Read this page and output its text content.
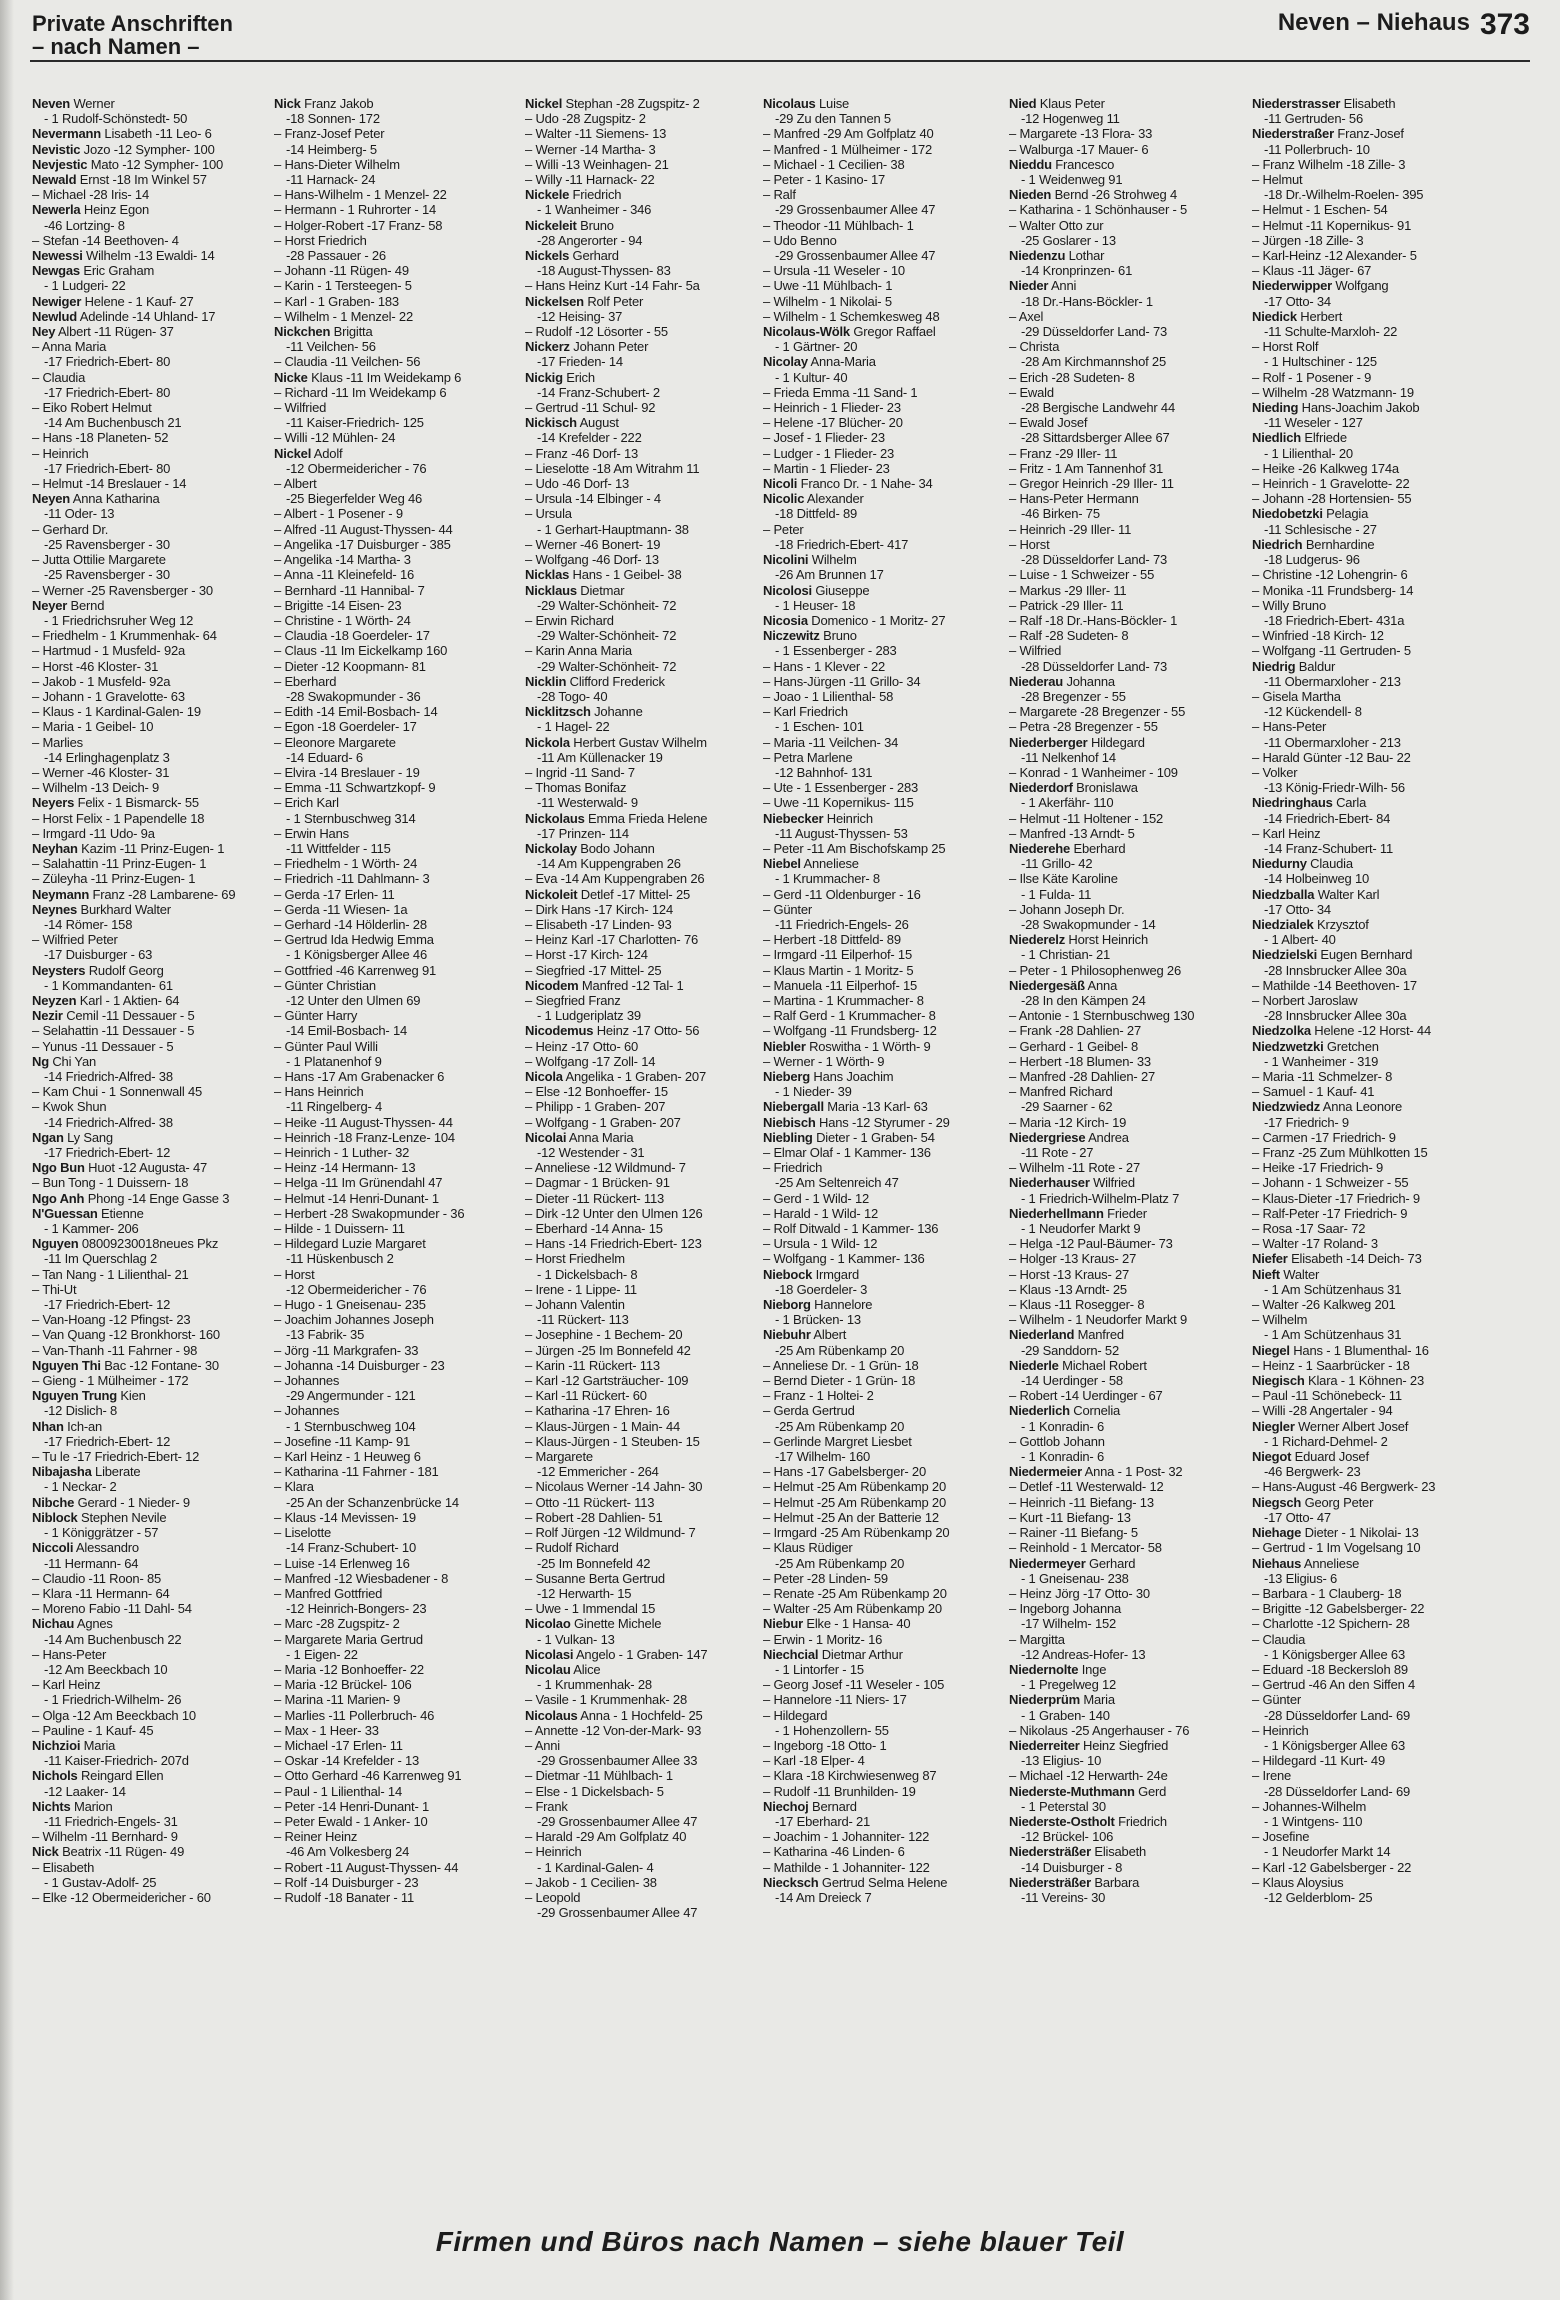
Private Anschriften
– nach Namen –
Neven – Niehaus 373
Neven Werner
- 1 Rudolf-Schönstedt- 50
Nevermann Lisabeth -11 Leo- 6
Nevistic Jozo -12 Sympher- 100
Nevjestic Mato -12 Sympher- 100
Newald Ernst -18 Im Winkel 57
– Michael -28 Iris- 14
Newerla Heinz Egon
-46 Lortzing- 8
– Stefan -14 Beethoven- 4
Newessi Wilhelm -13 Ewaldi- 14
Newgas Eric Graham
- 1 Ludgeri- 22
Newiger Helene - 1 Kauf- 27
Newlud Adelinde -14 Uhland- 17
Ney Albert -11 Rügen- 37
– Anna Maria
-17 Friedrich-Ebert- 80
– Claudia
-17 Friedrich-Ebert- 80
– Eiko Robert Helmut
-14 Am Buchenbusch 21
– Hans -18 Planeten- 52
– Heinrich
-17 Friedrich-Ebert- 80
– Helmut -14 Breslauer - 14
Neyen Anna Katharina
-11 Oder- 13
– Gerhard Dr.
-25 Ravensberger - 30
– Jutta Ottilie Margarete
-25 Ravensberger - 30
– Werner -25 Ravensberger - 30
Neyer Bernd
- 1 Friedrichsruher Weg 12
– Friedhelm - 1 Krummenhak- 64
– Hartmud - 1 Musfeld- 92a
– Horst -46 Kloster- 31
– Jakob - 1 Musfeld- 92a
– Johann - 1 Gravelotte- 63
– Klaus - 1 Kardinal-Galen- 19
– Maria - 1 Geibel- 10
– Marlies
-14 Erlinghagenplatz 3
– Werner -46 Kloster- 31
– Wilhelm -13 Deich- 9
Neyers Felix - 1 Bismarck- 55
– Horst Felix - 1 Papendelle 18
– Irmgard -11 Udo- 9a
Neyhan Kazim -11 Prinz-Eugen- 1
– Salahattin -11 Prinz-Eugen- 1
– Züleyha -11 Prinz-Eugen- 1
Neymann Franz -28 Lambarene- 69
Neynes Burkhard Walter
-14 Römer- 158
– Wilfried Peter
-17 Duisburger - 63
Neysters Rudolf Georg
- 1 Kommandanten- 61
Neyzen Karl - 1 Aktien- 64
Nezir Cemil -11 Dessauer - 5
– Selahattin -11 Dessauer - 5
– Yunus -11 Dessauer - 5
Ng Chi Yan
-14 Friedrich-Alfred- 38
– Kam Chui - 1 Sonnenwall 45
– Kwok Shun
-14 Friedrich-Alfred- 38
Ngan Ly Sang
-17 Friedrich-Ebert- 12
Ngo Bun Huot -12 Augusta- 47
– Bun Tong - 1 Duissern- 18
Ngo Anh Phong -14 Enge Gasse 3
N'Guessan Etienne
- 1 Kammer- 206
Nguyen 08009230018neues Pkz
-11 Im Querschlag 2
– Tan Nang - 1 Lilienthal- 21
– Thi-Ut
-17 Friedrich-Ebert- 12
– Van-Hoang -12 Pfingst- 23
– Van Quang -12 Bronkhorst- 160
– Van-Thanh -11 Fahrner - 98
Nguyen Thi Bac -12 Fontane- 30
– Gieng - 1 Mülheimer - 172
Nguyen Trung Kien
-12 Dislich- 8
Nhan Ich-an
-17 Friedrich-Ebert- 12
– Tu le -17 Friedrich-Ebert- 12
Nibajasha Liberate
- 1 Neckar- 2
Nibche Gerard - 1 Nieder- 9
Niblock Stephen Nevile
- 1 Königgrätzer - 57
Niccoli Alessandro
-11 Hermann- 64
– Claudio -11 Roon- 85
– Klara -11 Hermann- 64
– Moreno Fabio -11 Dahl- 54
Nichau Agnes
-14 Am Buchenbusch 22
– Hans-Peter
-12 Am Beeckbach 10
– Karl Heinz
- 1 Friedrich-Wilhelm- 26
– Olga -12 Am Beeckbach 10
– Pauline - 1 Kauf- 45
Nichzioi Maria
-11 Kaiser-Friedrich- 207d
Nichols Reingard Ellen
-12 Laaker- 14
Nichts Marion
-11 Friedrich-Engels- 31
– Wilhelm -11 Bernhard- 9
Nick Beatrix -11 Rügen- 49
– Elisabeth
- 1 Gustav-Adolf- 25
– Elke -12 Obermeidericher - 60
Nick Franz Jakob
-18 Sonnen- 172
– Franz-Josef Peter
-14 Heimberg- 5
– Hans-Dieter Wilhelm
-11 Harnack- 24
– Hans-Wilhelm - 1 Menzel- 22
– Hermann - 1 Ruhrorter - 14
– Holger-Robert -17 Franz- 58
– Horst Friedrich
-28 Passauer - 26
– Johann -11 Rügen- 49
– Karin - 1 Tersteegen- 5
– Karl - 1 Graben- 183
– Wilhelm - 1 Menzel- 22
Nickchen Brigitta
-11 Veilchen- 56
– Claudia -11 Veilchen- 56
Nicke Klaus -11 Im Weidekamp 6
– Richard -11 Im Weidekamp 6
– Wilfried
-11 Kaiser-Friedrich- 125
– Willi -12 Mühlen- 24
Nickel Adolf
-12 Obermeidericher - 76
– Albert
-25 Biegerfelder Weg 46
– Albert - 1 Posener - 9
– Alfred -11 August-Thyssen- 44
– Angelika -17 Duisburger - 385
– Angelika -14 Martha- 3
– Anna -11 Kleinefeld- 16
– Bernhard -11 Hannibal- 7
– Brigitte -14 Eisen- 23
– Christine - 1 Wörth- 24
– Claudia -18 Goerdeler- 17
– Claus -11 Im Eickelkamp 160
– Dieter -12 Koopmann- 81
– Eberhard
-28 Swakopmunder - 36
– Edith -14 Emil-Bosbach- 14
– Egon -18 Goerdeler- 17
– Eleonore Margarete
-14 Eduard- 6
– Elvira -14 Breslauer - 19
– Emma -11 Schwartzkopf- 9
– Erich Karl
- 1 Sternbuschweg 314
– Erwin Hans
-11 Wittfelder - 115
– Friedhelm - 1 Wörth- 24
– Friedrich -11 Dahlmann- 3
– Gerda -17 Erlen- 11
– Gerda -11 Wiesen- 1a
– Gerhard -14 Hölderlin- 28
– Gertrud Ida Hedwig Emma
- 1 Königsberger Allee 46
– Gottfried -46 Karrenweg 91
– Günter Christian
-12 Unter den Ulmen 69
– Günter Harry
-14 Emil-Bosbach- 14
– Günter Paul Willi
- 1 Platanenhof 9
– Hans -17 Am Grabenacker 6
– Hans Heinrich
-11 Ringelberg- 4
– Heike -11 August-Thyssen- 44
– Heinrich -18 Franz-Lenze- 104
– Heinrich - 1 Luther- 32
– Heinz -14 Hermann- 13
– Helga -11 Im Grünendahl 47
– Helmut -14 Henri-Dunant- 1
– Herbert -28 Swakopmunder - 36
– Hilde - 1 Duissern- 11
– Hildegard Luzie Margaret
-11 Hüskenbusch 2
– Horst
-12 Obermeidericher - 76
– Hugo - 1 Gneisenau- 235
– Joachim Johannes Joseph
-13 Fabrik- 35
– Jörg -11 Markgrafen- 33
– Johanna -14 Duisburger - 23
– Johannes
-29 Angermunder - 121
– Johannes
- 1 Sternbuschweg 104
– Josefine -11 Kamp- 91
– Karl Heinz - 1 Heuweg 6
– Katharina -11 Fahrner - 181
– Klara
-25 An der Schanzenbrücke 14
– Klaus -14 Mevissen- 19
– Liselotte
-14 Franz-Schubert- 10
– Luise -14 Erlenweg 16
– Manfred -12 Wiesbadener - 8
– Manfred Gottfried
-12 Heinrich-Bongers- 23
– Marc -28 Zugspitz- 2
– Margarete Maria Gertrud
- 1 Eigen- 22
– Maria -12 Bonhoeffer- 22
– Maria -12 Brückel- 106
– Marina -11 Marien- 9
– Marlies -11 Pollerbruch- 46
– Max - 1 Heer- 33
– Michael -17 Erlen- 11
– Oskar -14 Krefelder - 13
– Otto Gerhard -46 Karrenweg 91
– Paul - 1 Lilienthal- 14
– Peter -14 Henri-Dunant- 1
– Peter Ewald - 1 Anker- 10
– Reiner Heinz
-46 Am Volkesberg 24
– Robert -11 August-Thyssen- 44
– Rolf -14 Duisburger - 23
– Rudolf -18 Banater - 11
Nickel Stephan -28 Zugspitz- 2
– Udo -28 Zugspitz- 2
– Walter -11 Siemens- 13
– Werner -14 Martha- 3
– Willi -13 Weinhagen- 21
– Willy -11 Harnack- 22
Nickele Friedrich
- 1 Wanheimer - 346
Nickeleit Bruno
-28 Angerorter - 94
Nickels Gerhard
-18 August-Thyssen- 83
– Hans Heinz Kurt -14 Fahr- 5a
Nickelsen Rolf Peter
-12 Heising- 37
– Rudolf -12 Lösorter - 55
Nickerz Johann Peter
-17 Frieden- 14
Nickig Erich
-14 Franz-Schubert- 2
– Gertrud -11 Schul- 92
Nickisch August
-14 Krefelder - 222
– Franz -46 Dorf- 13
– Lieselotte -18 Am Witrahm 11
– Udo -46 Dorf- 13
– Ursula -14 Elbinger - 4
– Ursula
- 1 Gerhart-Hauptmann- 38
– Werner -46 Bonert- 19
– Wolfgang -46 Dorf- 13
Nicklas Hans - 1 Geibel- 38
Nicklaus Dietmar
-29 Walter-Schönheit- 72
– Erwin Richard
-29 Walter-Schönheit- 72
– Karin Anna Maria
-29 Walter-Schönheit- 72
Nicklin Clifford Frederick
-28 Togo- 40
Nicklitzsch Johanne
- 1 Hagel- 22
Nickola Herbert Gustav Wilhelm
-11 Am Küllenacker 19
– Ingrid -11 Sand- 7
– Thomas Bonifaz
-11 Westerwald- 9
Nickolaus Emma Frieda Helene
-17 Prinzen- 114
Nickolay Bodo Johann
-14 Am Kuppengraben 26
– Eva -14 Am Kuppengraben 26
Nickoleit Detlef -17 Mittel- 25
– Dirk Hans -17 Kirch- 124
– Elisabeth -17 Linden- 93
– Heinz Karl -17 Charlotten- 76
– Horst -17 Kirch- 124
– Siegfried -17 Mittel- 25
Nicodem Manfred -12 Tal- 1
– Siegfried Franz
- 1 Ludgeriplatz 39
Nicodemus Heinz -17 Otto- 56
– Heinz -17 Otto- 60
– Wolfgang -17 Zoll- 14
Nicola Angelika - 1 Graben- 207
– Else -12 Bonhoeffer- 15
– Philipp - 1 Graben- 207
– Wolfgang - 1 Graben- 207
Nicolai Anna Maria
-12 Westender - 31
– Anneliese -12 Wildmund- 7
– Dagmar - 1 Brücken- 91
– Dieter -11 Rückert- 113
– Dirk -12 Unter den Ulmen 126
– Eberhard -14 Anna- 15
– Hans -14 Friedrich-Ebert- 123
– Horst Friedhelm
- 1 Dickelsbach- 8
– Irene - 1 Lippe- 11
– Johann Valentin
-11 Rückert- 113
– Josephine - 1 Bechem- 20
– Jürgen -25 Im Bonnefeld 42
– Karin -11 Rückert- 113
– Karl -12 Gartsträucher- 109
– Karl -11 Rückert- 60
– Katharina -17 Ehren- 16
– Klaus-Jürgen - 1 Main- 44
– Klaus-Jürgen - 1 Steuben- 15
– Margarete
-12 Emmericher - 264
– Nicolaus Werner -14 Jahn- 30
– Otto -11 Rückert- 113
– Robert -28 Dahlien- 51
– Rolf Jürgen -12 Wildmund- 7
– Rudolf Richard
-25 Im Bonnefeld 42
– Susanne Berta Gertrud
-12 Herwarth- 15
– Uwe - 1 Immendal 15
Nicolao Ginette Michele
- 1 Vulkan- 13
Nicolasi Angelo - 1 Graben- 147
Nicolau Alice
- 1 Krummenhak- 28
– Vasile - 1 Krummenhak- 28
Nicolaus Anna - 1 Hochfeld- 25
– Annette -12 Von-der-Mark- 93
– Anni
-29 Grossenbaumer Allee 33
– Dietmar -11 Mühlbach- 1
– Else - 1 Dickelsbach- 5
– Frank
-29 Grossenbaumer Allee 47
– Harald -29 Am Golfplatz 40
– Heinrich
- 1 Kardinal-Galen- 4
– Jakob - 1 Cecilien- 38
– Leopold
-29 Grossenbaumer Allee 47
Nicolaus Luise
-29 Zu den Tannen 5
– Manfred -29 Am Golfplatz 40
– Manfred - 1 Mülheimer - 172
– Michael - 1 Cecilien- 38
– Peter - 1 Kasino- 17
– Ralf
-29 Grossenbaumer Allee 47
– Theodor -11 Mühlbach- 1
– Udo Benno
-29 Grossenbaumer Allee 47
– Ursula -11 Weseler - 10
– Uwe -11 Mühlbach- 1
– Wilhelm - 1 Nikolai- 5
– Wilhelm - 1 Schemkesweg 48
Nicolaus-Wölk Gregor Raffael
- 1 Gärtner- 20
Nicolay Anna-Maria
- 1 Kultur- 40
– Frieda Emma -11 Sand- 1
– Heinrich - 1 Flieder- 23
– Helene -17 Blücher- 20
– Josef - 1 Flieder- 23
– Ludger - 1 Flieder- 23
– Martin - 1 Flieder- 23
Nicoli Franco Dr. - 1 Nahe- 34
Nicolic Alexander
-18 Dittfeld- 89
– Peter
-18 Friedrich-Ebert- 417
Nicolini Wilhelm
-26 Am Brunnen 17
Nicolosi Giuseppe
- 1 Heuser- 18
Nicosia Domenico - 1 Moritz- 27
Niczewitz Bruno
- 1 Essenberger - 283
– Hans - 1 Klever - 22
– Hans-Jürgen -11 Grillo- 34
– Joao - 1 Lilienthal- 58
– Karl Friedrich
- 1 Eschen- 101
– Maria -11 Veilchen- 34
– Petra Marlene
-12 Bahnhof- 131
– Ute - 1 Essenberger - 283
– Uwe -11 Kopernikus- 115
Niebecker Heinrich
-11 August-Thyssen- 53
– Peter -11 Am Bischofskamp 25
Niebel Anneliese
- 1 Krummacher- 8
– Gerd -11 Oldenburger - 16
– Günter
-11 Friedrich-Engels- 26
– Herbert -18 Dittfeld- 89
– Irmgard -11 Eilperhof- 15
– Klaus Martin - 1 Moritz- 5
– Manuela -11 Eilperhof- 15
– Martina - 1 Krummacher- 8
– Ralf Gerd - 1 Krummacher- 8
– Wolfgang -11 Frundsberg- 12
Niebler Roswitha - 1 Wörth- 9
– Werner - 1 Wörth- 9
Nieberg Hans Joachim
- 1 Nieder- 39
Niebergall Maria -13 Karl- 63
Niebisch Hans -12 Styrumer - 29
Niebling Dieter - 1 Graben- 54
– Elmar Olaf - 1 Kammer- 136
– Friedrich
-25 Am Seltenreich 47
– Gerd - 1 Wild- 12
– Harald - 1 Wild- 12
– Rolf Ditwald - 1 Kammer- 136
– Ursula - 1 Wild- 12
– Wolfgang - 1 Kammer- 136
Niebock Irmgard
-18 Goerdeler- 3
Nieborg Hannelore
- 1 Brücken- 13
Niebuhr Albert
-25 Am Rübenkamp 20
– Anneliese Dr. - 1 Grün- 18
– Bernd Dieter - 1 Grün- 18
– Franz - 1 Holtei- 2
– Gerda Gertrud
-25 Am Rübenkamp 20
– Gerlinde Margret Liesbet
-17 Wilhelm- 160
– Hans -17 Gabelsberger- 20
– Helmut -25 Am Rübenkamp 20
– Helmut -25 Am Rübenkamp 20
– Helmut -25 An der Batterie 12
– Irmgard -25 Am Rübenkamp 20
– Klaus Rüdiger
-25 Am Rübenkamp 20
– Peter -28 Linden- 59
– Renate -25 Am Rübenkamp 20
– Walter -25 Am Rübenkamp 20
Niebur Elke - 1 Hansa- 40
– Erwin - 1 Moritz- 16
Niechcial Dietmar Arthur
- 1 Lintorfer - 15
– Georg Josef -11 Weseler - 105
– Hannelore -11 Niers- 17
– Hildegard
- 1 Hohenzollern- 55
– Ingeborg -18 Otto- 1
– Karl -18 Elper- 4
– Klara -18 Kirchwiesenweg 87
– Rudolf -11 Brunhilden- 19
Niechoj Bernard
-17 Eberhard- 21
– Joachim - 1 Johanniter- 122
– Katharina -46 Linden- 6
– Mathilde - 1 Johanniter- 122
Niecksch Gertrud Selma Helene
-14 Am Dreieck 7
Nied Klaus Peter
-12 Hogenweg 11
– Margarete -13 Flora- 33
– Walburga -17 Mauer- 6
Nieddu Francesco
- 1 Weidenweg 91
Nieden Bernd -26 Strohweg 4
– Katharina - 1 Schönhauser - 5
– Walter Otto zur
-25 Goslarer - 13
Niedenzu Lothar
-14 Kronprinzen- 61
Nieder Anni
-18 Dr.-Hans-Böckler- 1
– Axel
-29 Düsseldorfer Land- 73
– Christa
-28 Am Kirchmannshof 25
– Erich -28 Sudeten- 8
– Ewald
-28 Bergische Landwehr 44
– Ewald Josef
-28 Sittardsberger Allee 67
– Franz -29 Iller- 11
– Fritz - 1 Am Tannenhof 31
– Gregor Heinrich -29 Iller- 11
– Hans-Peter Hermann
-46 Birken- 75
– Heinrich -29 Iller- 11
– Horst
-28 Düsseldorfer Land- 73
– Luise - 1 Schweizer - 55
– Markus -29 Iller- 11
– Patrick -29 Iller- 11
– Ralf -18 Dr.-Hans-Böckler- 1
– Ralf -28 Sudeten- 8
– Wilfried
-28 Düsseldorfer Land- 73
Niederau Johanna
-28 Bregenzer - 55
– Margarete -28 Bregenzer - 55
– Petra -28 Bregenzer - 55
Niederberger Hildegard
-11 Nelkenhof 14
– Konrad - 1 Wanheimer - 109
Niederdorf Bronislawa
- 1 Akerfähr- 110
– Helmut -11 Holtener - 152
– Manfred -13 Arndt- 5
Niederehe Eberhard
-11 Grillo- 42
– Ilse Käte Karoline
- 1 Fulda- 11
– Johann Joseph Dr.
-28 Swakopmunder - 14
Niederelz Horst Heinrich
- 1 Christian- 21
– Peter - 1 Philosophenweg 26
Niedergesäß Anna
-28 In den Kämpen 24
– Antonie - 1 Sternbuschweg 130
– Frank -28 Dahlien- 27
– Gerhard - 1 Geibel- 8
– Herbert -18 Blumen- 33
– Manfred -28 Dahlien- 27
– Manfred Richard
-29 Saarner - 62
– Maria -12 Kirch- 19
Niedergriese Andrea
-11 Rote - 27
– Wilhelm -11 Rote - 27
Niederhauser Wilfried
- 1 Friedrich-Wilhelm-Platz 7
Niederhellmann Frieder
- 1 Neudorfer Markt 9
– Helga -12 Paul-Bäumer- 73
– Holger -13 Kraus- 27
– Horst -13 Kraus- 27
– Klaus -13 Arndt- 25
– Klaus -11 Rosegger- 8
– Wilhelm - 1 Neudorfer Markt 9
Niederland Manfred
-29 Sanddorn- 52
Niederle Michael Robert
-14 Uerdinger - 58
– Robert -14 Uerdinger - 67
Niederlich Cornelia
- 1 Konradin- 6
– Gottlob Johann
- 1 Konradin- 6
Niedermeier Anna - 1 Post- 32
– Detlef -11 Westerwald- 12
– Heinrich -11 Biefang- 13
– Kurt -11 Biefang- 13
– Rainer -11 Biefang- 5
– Reinhold - 1 Mercator- 58
Niedermeyer Gerhard
- 1 Gneisenau- 238
– Heinz Jörg -17 Otto- 30
– Ingeborg Johanna
-17 Wilhelm- 152
– Margitta
-12 Andreas-Hofer- 13
Niedernolte Inge
- 1 Pregelweg 12
Niederprüm Maria
- 1 Graben- 140
– Nikolaus -25 Angerhauser - 76
Niederreiter Heinz Siegfried
-13 Eligius- 10
– Michael -12 Herwarth- 24e
Niederste-Muthmann Gerd
- 1 Peterstal 30
Niederste-Ostholt Friedrich
-12 Brückel- 106
Niedersträßer Elisabeth
-14 Duisburger - 8
Niedersträßer Barbara
-11 Vereins- 30
Niederstrasser Elisabeth
-11 Gertruden- 56
Niederstraßer Franz-Josef
-11 Pollerbruch- 10
– Franz Wilhelm -18 Zille- 3
– Helmut
-18 Dr.-Wilhelm-Roelen- 395
– Helmut - 1 Eschen- 54
– Helmut -11 Kopernikus- 91
– Jürgen -18 Zille- 3
– Karl-Heinz -12 Alexander- 5
– Klaus -11 Jäger- 67
Niederwipper Wolfgang
-17 Otto- 34
Niedick Herbert
-11 Schulte-Marxloh- 22
– Horst Rolf
- 1 Hultschiner - 125
– Rolf - 1 Posener - 9
– Wilhelm -28 Watzmann- 19
Nieding Hans-Joachim Jakob
-11 Weseler - 127
Niedlich Elfriede
- 1 Lilienthal- 20
– Heike -26 Kalkweg 174a
– Heinrich - 1 Gravelotte- 22
– Johann -28 Hortensien- 55
Niedobetzki Pelagia
-11 Schlesische - 27
Niedrich Bernhardine
-18 Ludgerus- 96
– Christine -12 Lohengrin- 6
– Monika -11 Frundsberg- 14
– Willy Bruno
-18 Friedrich-Ebert- 431a
– Winfried -18 Kirch- 12
– Wolfgang -11 Gertruden- 5
Niedrig Baldur
-11 Obermarxloher - 213
– Gisela Martha
-12 Kückendell- 8
– Hans-Peter
-11 Obermarxloher - 213
– Harald Günter -12 Bau- 22
– Volker
-13 König-Friedr-Wilh- 56
Niedringhaus Carla
-14 Friedrich-Ebert- 84
– Karl Heinz
-14 Franz-Schubert- 11
Niedurny Claudia
-14 Holbeinweg 10
Niedzballa Walter Karl
-17 Otto- 34
Niedzialek Krzysztof
- 1 Albert- 40
Niedzielski Eugen Bernhard
-28 Innsbrucker Allee 30a
– Mathilde -14 Beethoven- 17
– Norbert Jaroslaw
-28 Innsbrucker Allee 30a
Niedzolka Helene -12 Horst- 44
Niedzwetzki Gretchen
- 1 Wanheimer - 319
– Maria -11 Schmelzer- 8
– Samuel - 1 Kauf- 41
Niedzwiedz Anna Leonore
-17 Friedrich- 9
– Carmen -17 Friedrich- 9
– Franz -25 Zum Mühlkotten 15
– Heike -17 Friedrich- 9
– Johann - 1 Schweizer - 55
– Klaus-Dieter -17 Friedrich- 9
– Ralf-Peter -17 Friedrich- 9
– Rosa -17 Saar- 72
– Walter -17 Roland- 3
Niefer Elisabeth -14 Deich- 73
Nieft Walter
- 1 Am Schützenhaus 31
– Walter -26 Kalkweg 201
– Wilhelm
- 1 Am Schützenhaus 31
Niegel Hans - 1 Blumenthal- 16
– Heinz - 1 Saarbrücker - 18
Niegisch Klara - 1 Köhnen- 23
– Paul -11 Schönebeck- 11
– Willi -28 Angertaler - 94
Niegler Werner Albert Josef
- 1 Richard-Dehmel- 2
Niegot Eduard Josef
-46 Bergwerk- 23
– Hans-August -46 Bergwerk- 23
Niegsch Georg Peter
-17 Otto- 47
Niehage Dieter - 1 Nikolai- 13
– Gertrud - 1 Im Vogelsang 10
Niehaus Anneliese
-13 Eligius- 6
– Barbara - 1 Clauberg- 18
– Brigitte -12 Gabelsberger- 22
– Charlotte -12 Spichern- 28
– Claudia
- 1 Königsberger Allee 63
– Eduard -18 Beckersloh 89
– Gertrud -46 An den Siffen 4
– Günter
-28 Düsseldorfer Land- 69
– Heinrich
- 1 Königsberger Allee 63
– Hildegard -11 Kurt- 49
– Irene
-28 Düsseldorfer Land- 69
– Johannes-Wilhelm
- 1 Wintgens- 110
– Josefine
- 1 Neudorfer Markt 14
– Karl -12 Gabelsberger - 22
– Klaus Aloysius
-12 Gelderblom- 25
Firmen und Büros nach Namen – siehe blauer Teil
